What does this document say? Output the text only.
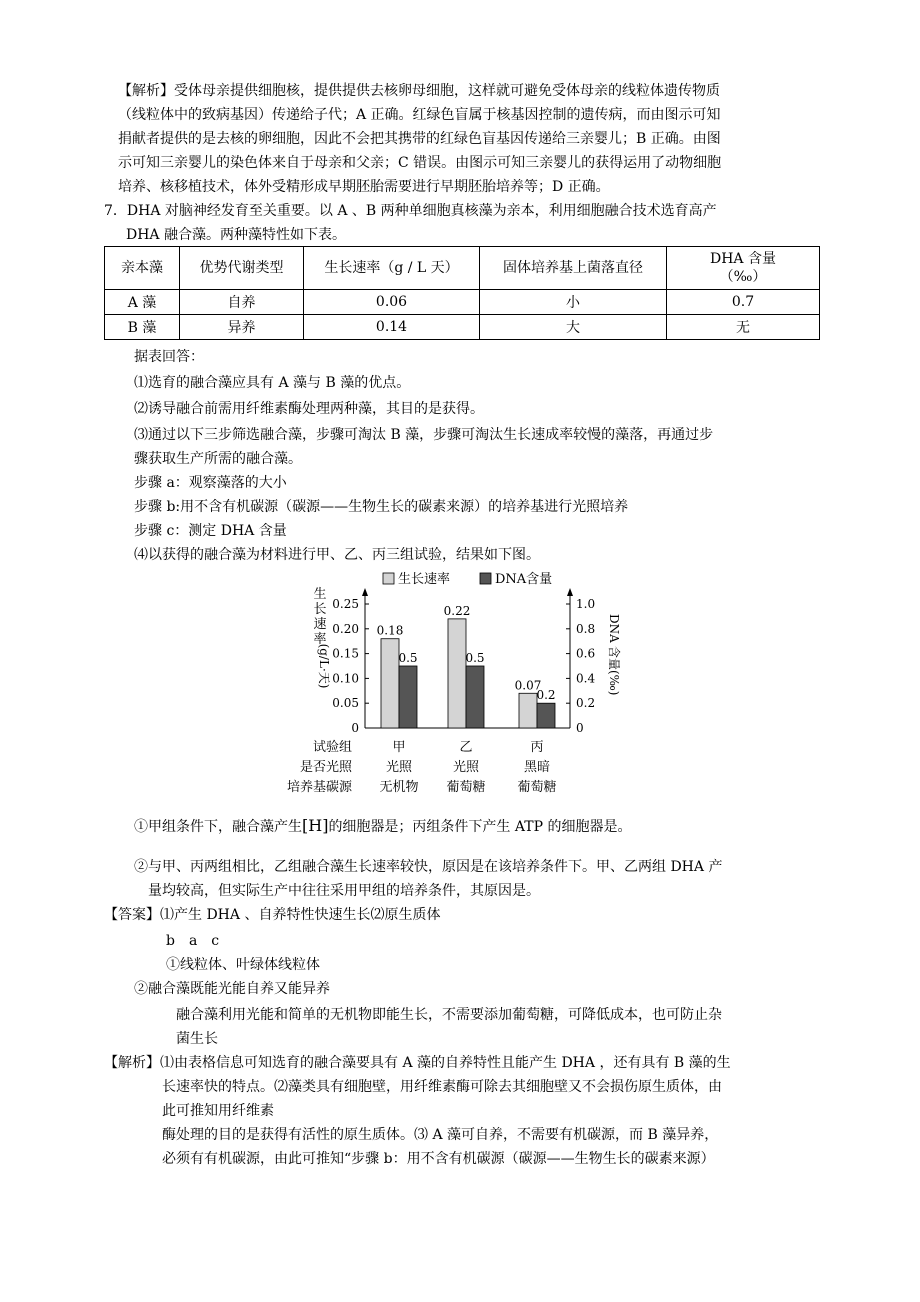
【解析】受体母亲提供细胞核，提供提供去核卵母细胞，这样就可避免受体母亲的线粒体遗传物质
（线粒体中的致病基因）传递给子代；A 正确。红绿色盲属于核基因控制的遗传病，而由图示可知
捐献者提供的是去核的卵细胞，因此不会把其携带的红绿色盲基因传递给三亲婴儿；B 正确。由图
示可知三亲婴儿的染色体来自于母亲和父亲；C 错误。由图示可知三亲婴儿的获得运用了动物细胞
培养、核移植技术，体外受精形成早期胚胎需要进行早期胚胎培养等；D 正确。
7．DHA 对脑神经发育至关重要。以 A 、B 两种单细胞真核藻为亲本，利用细胞融合技术选育高产
DHA 融合藻。两种藻特性如下表。
亲本藻	优势代谢类型	生长速率（g / L 天）	固体培养基上菌落直径	DHA 含量
（‰）

A 藻	自养	0.06	小	0.7
B 藻	异养	0.14	大	无
据表回答：
⑴选育的融合藻应具有 A 藻与 B 藻的优点。
⑵诱导融合前需用纤维素酶处理两种藻，其目的是获得。
⑶通过以下三步筛选融合藻，步骤可淘汰 B 藻，步骤可淘汰生长速成率较慢的藻落，再通过步
骤获取生产所需的融合藻。
步骤 a：观察藻落的大小
步骤 b:用不含有机碳源（碳源——生物生长的碳素来源）的培养基进行光照培养
步骤 c：测定 DHA 含量
⑷以获得的融合藻为材料进行甲、乙、丙三组试验，结果如下图。
0
0.05
0.10
0.15
0.20
0.25
0
0.2
0.4
0.6
0.8
1.0
生
长
速
率
(g/L·天)
DNA
含量(‰)
生长速率	DNA含量
0.18
0.5
0.22
0.5
0.07
0.2
试验组	甲	乙	丙
是否光照	光照	光照	黑暗
培养基碳源 无机物 葡萄糖 葡萄糖
①甲组条件下，融合藻产生[H]的细胞器是；丙组条件下产生 ATP 的细胞器是。
②与甲、丙两组相比，乙组融合藻生长速率较快，原因是在该培养条件下。甲、乙两组 DHA 产
量均较高，但实际生产中往往采用甲组的培养条件，其原因是。
【答案】⑴产生 DHA 、自养特性快速生长⑵原生质体
b　a　c
①线粒体、叶绿体线粒体
②融合藻既能光能自养又能异养
融合藻利用光能和简单的无机物即能生长，不需要添加葡萄糖，可降低成本，也可防止杂
菌生长
【解析】⑴由表格信息可知选育的融合藻要具有 A 藻的自养特性且能产生 DHA ，还有具有 B 藻的生
长速率快的特点。⑵藻类具有细胞壁，用纤维素酶可除去其细胞壁又不会损伤原生质体，由
此可推知用纤维素
酶处理的目的是获得有活性的原生质体。⑶ A 藻可自养，不需要有机碳源，而 B 藻异养，
必须有有机碳源，由此可推知“步骤 b：用不含有机碳源（碳源——生物生长的碳素来源）
